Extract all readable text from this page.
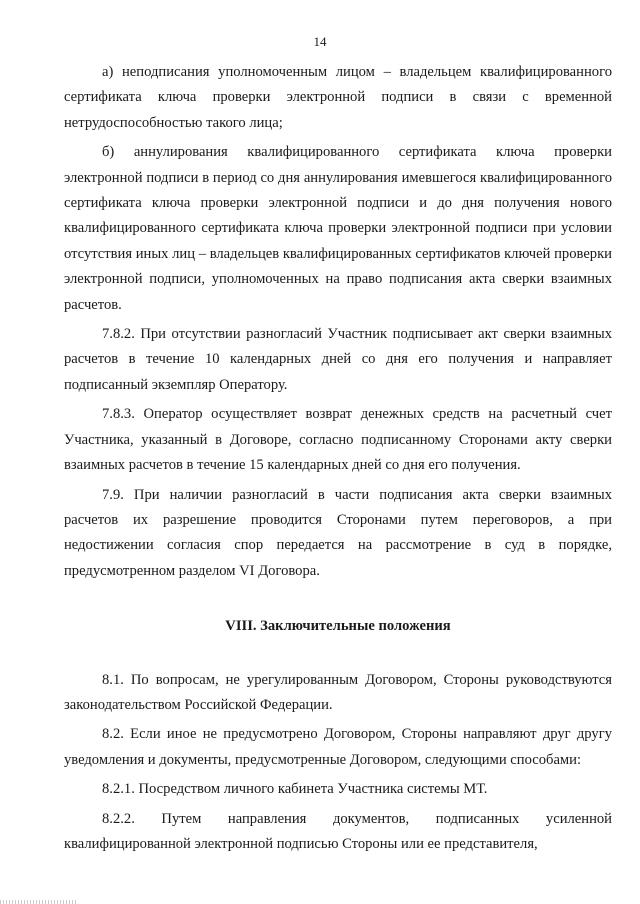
14

а) неподписания уполномоченным лицом – владельцем квалифицированного сертификата ключа проверки электронной подписи в связи с временной нетрудоспособностью такого лица;

б) аннулирования квалифицированного сертификата ключа проверки электронной подписи в период со дня аннулирования имевшегося квалифицированного сертификата ключа проверки электронной подписи и до дня получения нового квалифицированного сертификата ключа проверки электронной подписи при условии отсутствия иных лиц – владельцев квалифицированных сертификатов ключей проверки электронной подписи, уполномоченных на право подписания акта сверки взаимных расчетов.

7.8.2. При отсутствии разногласий Участник подписывает акт сверки взаимных расчетов в течение 10 календарных дней со дня его получения и направляет подписанный экземпляр Оператору.

7.8.3. Оператор осуществляет возврат денежных средств на расчетный счет Участника, указанный в Договоре, согласно подписанному Сторонами акту сверки взаимных расчетов в течение 15 календарных дней со дня его получения.

7.9. При наличии разногласий в части подписания акта сверки взаимных расчетов их разрешение проводится Сторонами путем переговоров, а при недостижении согласия спор передается на рассмотрение в суд в порядке, предусмотренном разделом VI Договора.

VIII. Заключительные положения

8.1. По вопросам, не урегулированным Договором, Стороны руководствуются законодательством Российской Федерации.

8.2. Если иное не предусмотрено Договором, Стороны направляют друг другу уведомления и документы, предусмотренные Договором, следующими способами:

8.2.1. Посредством личного кабинета Участника системы МТ.

8.2.2. Путем направления документов, подписанных усиленной квалифицированной электронной подписью Стороны или ее представителя,
